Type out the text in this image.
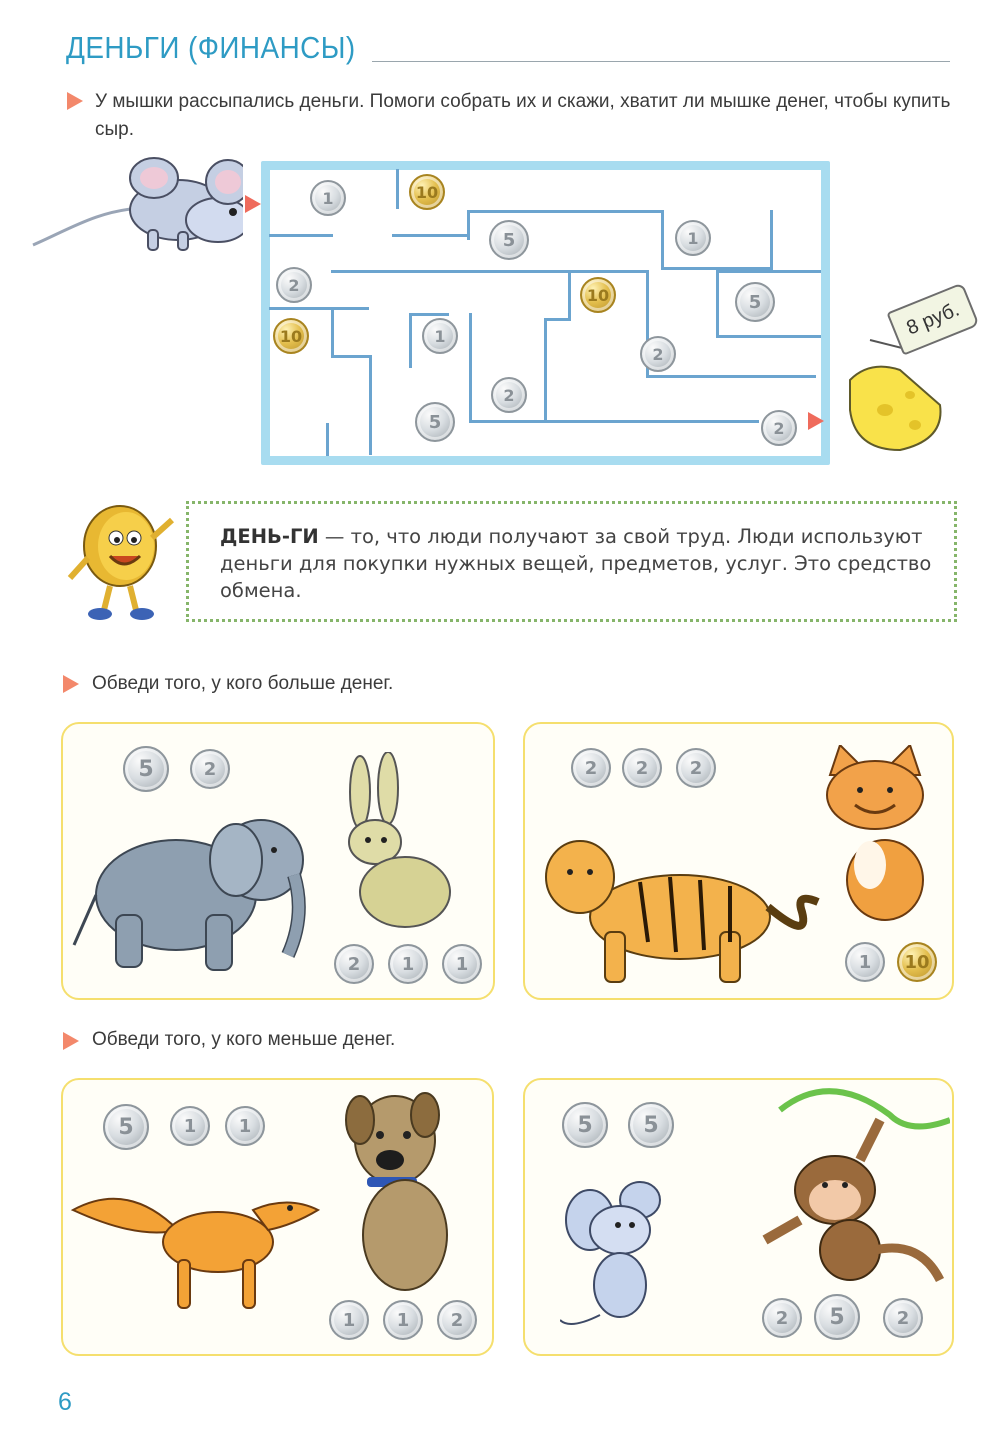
ДЕНЬГИ (ФИНАНСЫ)
У мышки рассыпались деньги. Помоги собрать их и скажи, хватит ли мышке денег, чтобы купить сыр.
1	10
5	1
2
10
5
10
1
2
2
5	2
8 руб.
ДЕНЬ-ГИ — то, что люди получают за свой труд. Люди используют деньги для покупки нужных вещей, предметов, услуг. Это средство обмена.
Обведи того, у кого больше денег.
5	2
2	1	1
2	2	2
1	10
Обведи того, у кого меньше денег.
5	1	1
1	1	2
5	5
2	5	2
6
